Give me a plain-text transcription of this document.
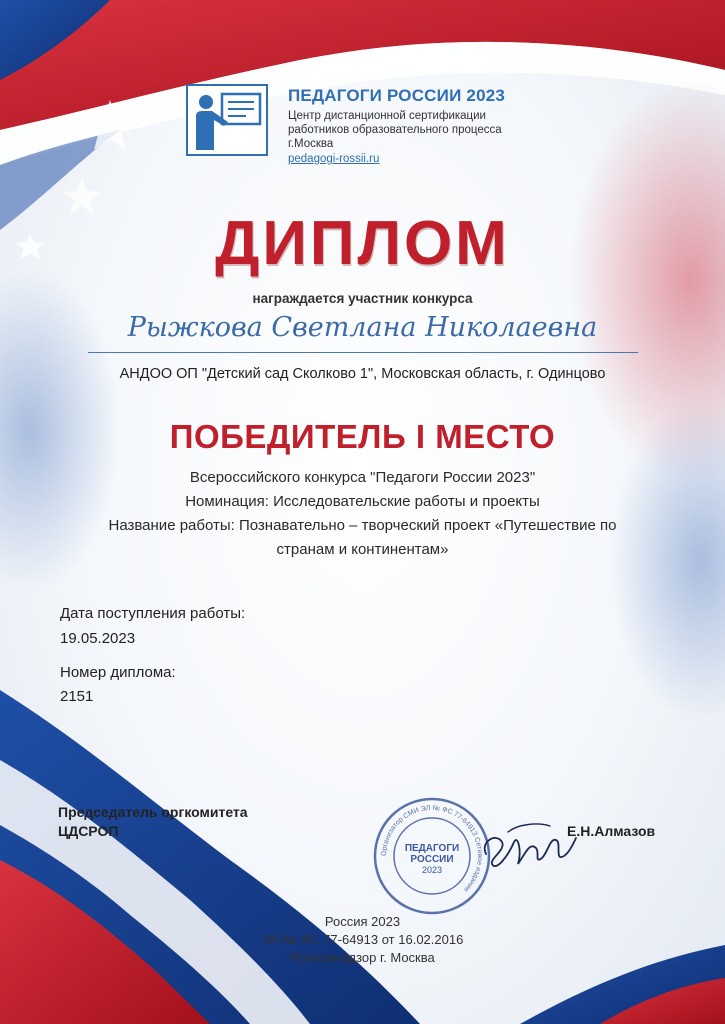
ПЕДАГОГИ РОССИИ 2023
Центр дистанционной сертификации
работников образовательного процесса
г.Москва
pedagogi-rossii.ru
ДИПЛОМ
награждается участник конкурса
Рыжкова Светлана Николаевна
АНДОО ОП "Детский сад Сколково 1", Московская область, г. Одинцово
ПОБЕДИТЕЛЬ I МЕСТО
Всероссийского конкурса "Педагоги России 2023"
Номинация: Исследовательские работы и проекты
Название работы: Познавательно – творческий проект «Путешествие по
странам и континентам»
Дата поступления работы:
19.05.2023
Номер диплома:
2151
Председатель оргкомитета
ЦДСРОП
Организатор СМИ ЭЛ № ФС 77-64913 Сетевое издание
ПЕДАГОГИ
РОССИИ
2023
Е.Н.Алмазов
Россия 2023
ЭЛ № ФС 77-64913 от 16.02.2016
Роскомнадзор г. Москва
